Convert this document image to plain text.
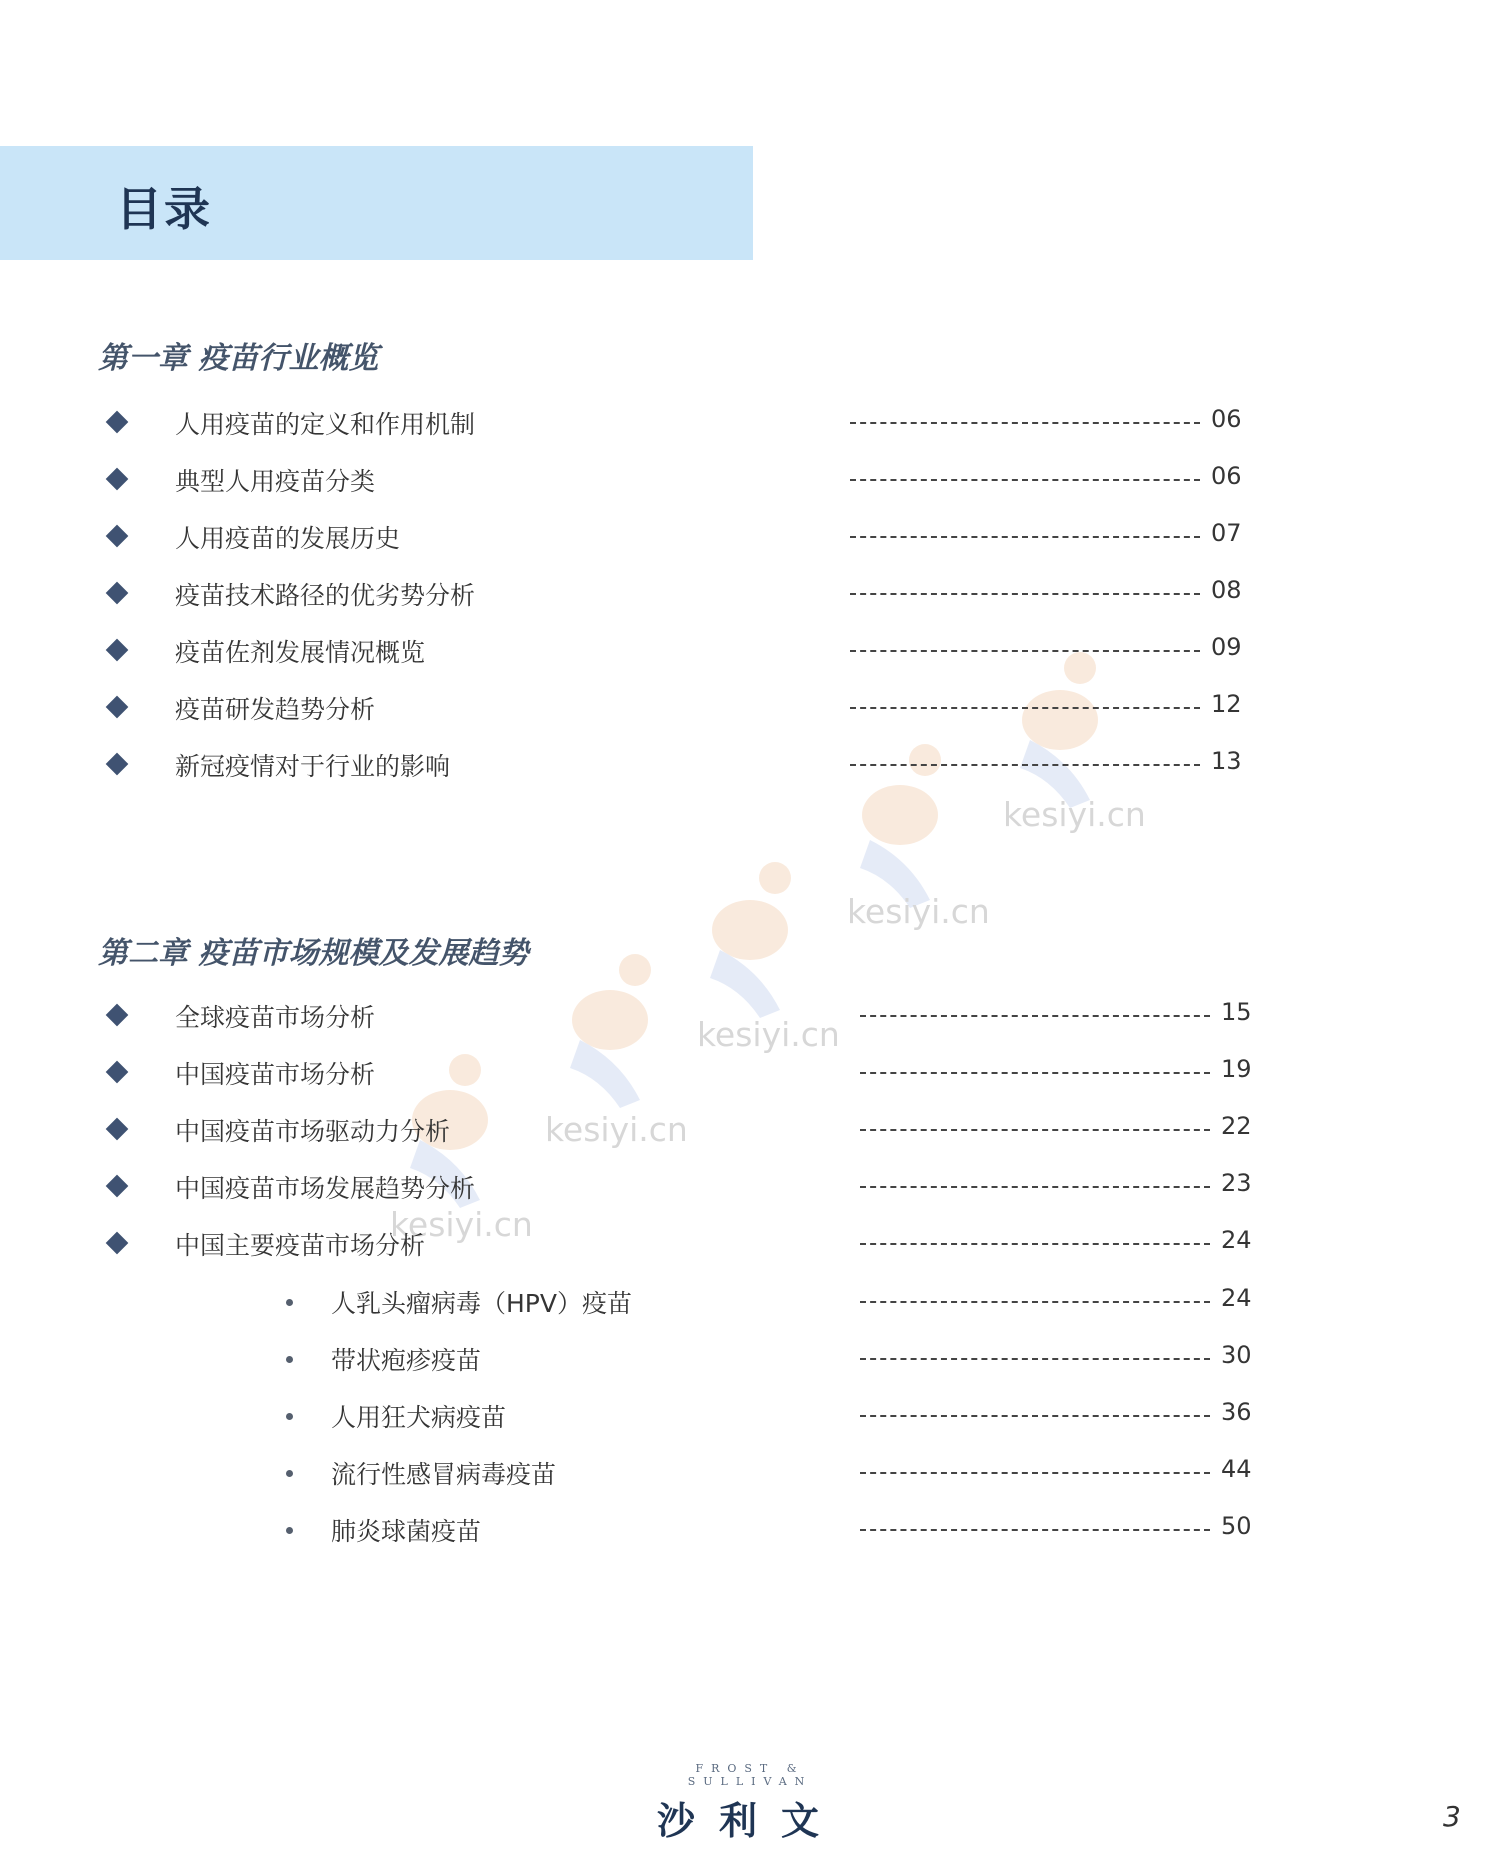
目录
kesiyi.cn
kesiyi.cn
kesiyi.cn
kesiyi.cn
kesiyi.cn
第一章 疫苗行业概览
人用疫苗的定义和作用机制	06
典型人用疫苗分类	06
人用疫苗的发展历史	07
疫苗技术路径的优劣势分析	08
疫苗佐剂发展情况概览	09
疫苗研发趋势分析	12
新冠疫情对于行业的影响	13
第二章 疫苗市场规模及发展趋势
全球疫苗市场分析	15
中国疫苗市场分析	19
中国疫苗市场驱动力分析	22
中国疫苗市场发展趋势分析	23
中国主要疫苗市场分析	24
人乳头瘤病毒（HPV）疫苗	24
带状疱疹疫苗	30
人用狂犬病疫苗	36
流行性感冒病毒疫苗	44
肺炎球菌疫苗	50
FROST & SULLIVAN
沙利文	3
